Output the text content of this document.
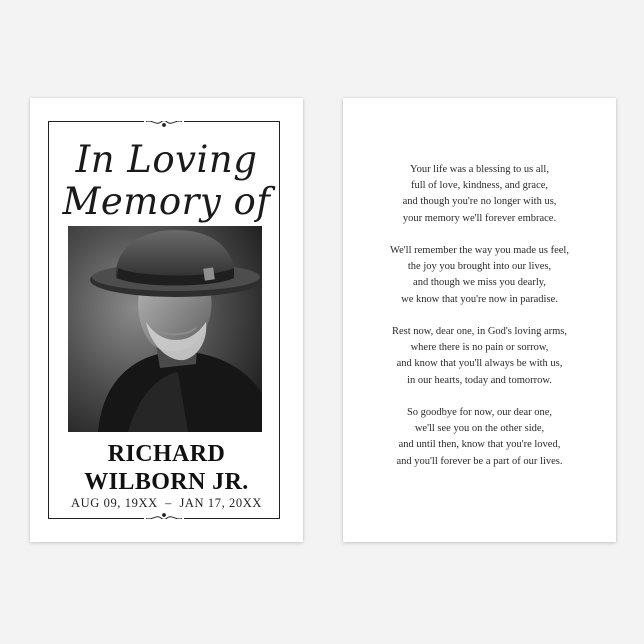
In Loving
Memory of
RICHARD
WILBORN JR.
AUG 09, 19XX  –  JAN 17, 20XX
Your life was a blessing to us all,
full of love, kindness, and grace,
and though you're no longer with us,
your memory we'll forever embrace.
We'll remember the way you made us feel,
the joy you brought into our lives,
and though we miss you dearly,
we know that you're now in paradise.
Rest now, dear one, in God's loving arms,
where there is no pain or sorrow,
and know that you'll always be with us,
in our hearts, today and tomorrow.
So goodbye for now, our dear one,
we'll see you on the other side,
and until then, know that you're loved,
and you'll forever be a part of our lives.
